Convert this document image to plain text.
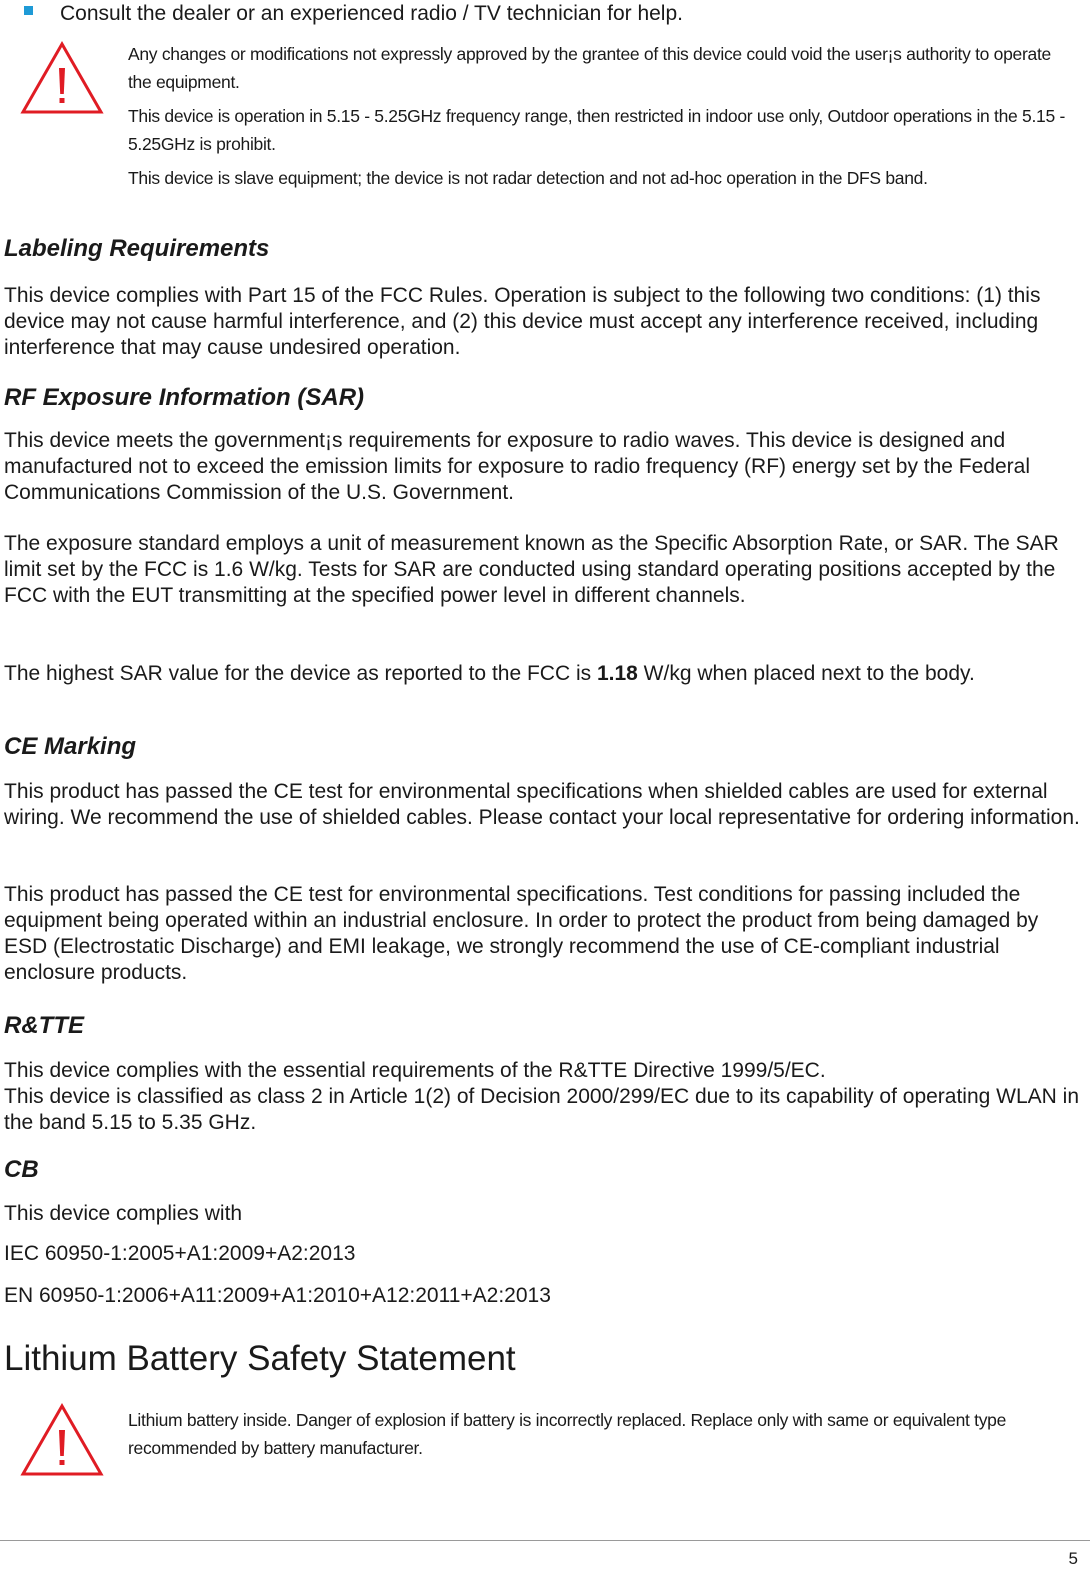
Consult the dealer or an experienced radio / TV technician for help.

Any changes or modifications not expressly approved by the grantee of this device could void the user¡s authority to operate the equipment.

This device is operation in 5.15 - 5.25GHz frequency range, then restricted in indoor use only, Outdoor operations in the 5.15 - 5.25GHz is prohibit.

This device is slave equipment; the device is not radar detection and not ad-hoc operation in the DFS band.

Labeling Requirements
This device complies with Part 15 of the FCC Rules. Operation is subject to the following two conditions: (1) this device may not cause harmful interference, and (2) this device must accept any interference received, including interference that may cause undesired operation.
RF Exposure Information (SAR)
This device meets the government¡s requirements for exposure to radio waves. This device is designed and manufactured not to exceed the emission limits for exposure to radio frequency (RF) energy set by the Federal Communications Commission of the U.S. Government.
The exposure standard employs a unit of measurement known as the Specific Absorption Rate, or SAR. The SAR limit set by the FCC is 1.6 W/kg. Tests for SAR are conducted using standard operating positions accepted by the FCC with the EUT transmitting at the specified power level in different channels.
The highest SAR value for the device as reported to the FCC is 1.18 W/kg when placed next to the body.
CE Marking
This product has passed the CE test for environmental specifications when shielded cables are used for external wiring. We recommend the use of shielded cables. Please contact your local representative for ordering information.
This product has passed the CE test for environmental specifications. Test conditions for passing included the equipment being operated within an industrial enclosure. In order to protect the product from being damaged by ESD (Electrostatic Discharge) and EMI leakage, we strongly recommend the use of CE-compliant industrial enclosure products.
R&TTE
This device complies with the essential requirements of the R&TTE Directive 1999/5/EC.
This device is classified as class 2 in Article 1(2) of Decision 2000/299/EC due to its capability of operating WLAN in the band 5.15 to 5.35 GHz.
CB
This device complies with
IEC 60950-1:2005+A1:2009+A2:2013
EN 60950-1:2006+A11:2009+A1:2010+A12:2011+A2:2013
Lithium Battery Safety Statement
Lithium battery inside. Danger of explosion if battery is incorrectly replaced. Replace only with same or equivalent type recommended by battery manufacturer.
5
